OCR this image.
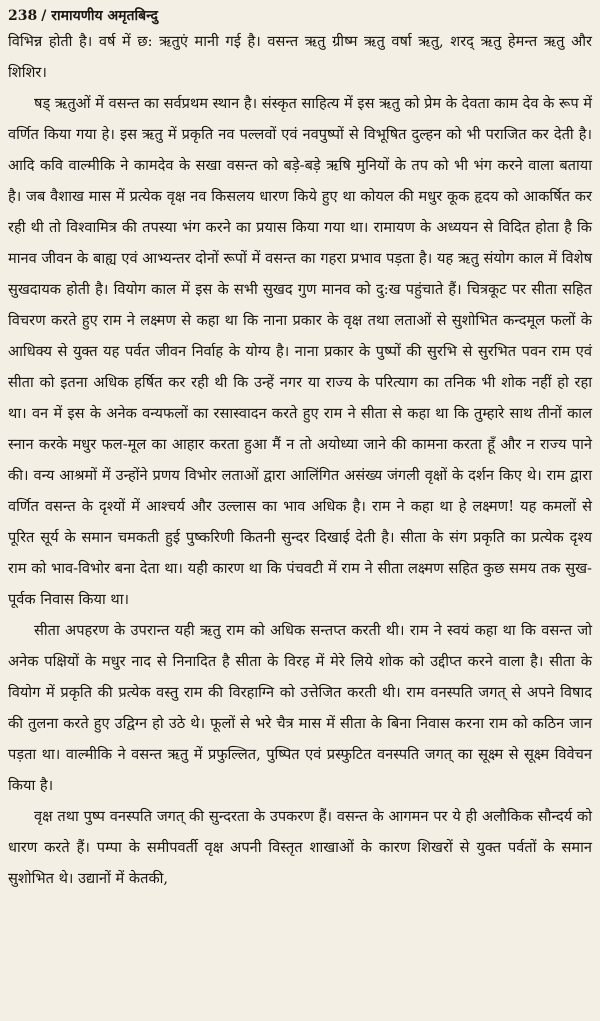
238 / रामायणीय अमृतबिन्दु

विभिन्न होती है। वर्ष में छ: ऋतुएं मानी गई है। वसन्त ऋतु ग्रीष्म ऋतु वर्षा ऋतु, शरद् ऋतु हेमन्त ऋतु और शिशिर।

षड् ऋतुओं में वसन्त का सर्वप्रथम स्थान है। संस्कृत साहित्य में इस ऋतु को प्रेम के देवता काम देव के रूप में वर्णित किया गया हे। इस ऋतु में प्रकृति नव पल्लवों एवं नवपुष्पों से विभूषित दुल्हन को भी पराजित कर देती है। आदि कवि वाल्मीकि ने कामदेव के सखा वसन्त को बड़े-बड़े ऋषि मुनियों के तप को भी भंग करने वाला बताया है। जब वैशाख मास में प्रत्येक वृक्ष नव किसलय धारण किये हुए था कोयल की मधुर कूक हृदय को आकर्षित कर रही थी तो विश्वामित्र की तपस्या भंग करने का प्रयास किया गया था। रामायण के अध्ययन से विदित होता है कि मानव जीवन के बाह्य एवं आभ्यन्तर दोनों रूपों में वसन्त का गहरा प्रभाव पड़ता है। यह ऋतु संयोग काल में विशेष सुखदायक होती है। वियोग काल में इस के सभी सुखद गुण मानव को दु:ख पहुंचाते हैं। चित्रकूट पर सीता सहित विचरण करते हुए राम ने लक्ष्मण से कहा था कि नाना प्रकार के वृक्ष तथा लताओं से सुशोभित कन्दमूल फलों के आधिक्य से युक्त यह पर्वत जीवन निर्वाह के योग्य है। नाना प्रकार के पुष्पों की सुरभि से सुरभित पवन राम एवं सीता को इतना अधिक हर्षित कर रही थी कि उन्हें नगर या राज्य के परित्याग का तनिक भी शोक नहीं हो रहा था। वन में इस के अनेक वन्यफलों का रसास्वादन करते हुए राम ने सीता से कहा था कि तुम्हारे साथ तीनों काल स्नान करके मधुर फल-मूल का आहार करता हुआ मैं न तो अयोध्या जाने की कामना करता हूँ और न राज्य पाने की। वन्य आश्रमों में उन्होंने प्रणय विभोर लताओं द्वारा आलिंगित असंख्य जंगली वृक्षों के दर्शन किए थे। राम द्वारा वर्णित वसन्त के दृश्यों में आश्चर्य और उल्लास का भाव अधिक है। राम ने कहा था हे लक्ष्मण! यह कमलों से पूरित सूर्य के समान चमकती हुई पुष्करिणी कितनी सुन्दर दिखाई देती है। सीता के संग प्रकृति का प्रत्येक दृश्य राम को भाव-विभोर बना देता था। यही कारण था कि पंचवटी में राम ने सीता लक्ष्मण सहित कुछ समय तक सुख-पूर्वक निवास किया था।

सीता अपहरण के उपरान्त यही ऋतु राम को अधिक सन्तप्त करती थी। राम ने स्वयं कहा था कि वसन्त जो अनेक पक्षियों के मधुर नाद से निनादित है सीता के विरह में मेरे लिये शोक को उद्दीप्त करने वाला है। सीता के वियोग में प्रकृति की प्रत्येक वस्तु राम की विरहाग्नि को उत्तेजित करती थी। राम वनस्पति जगत् से अपने विषाद की तुलना करते हुए उद्विग्न हो उठे थे। फूलों से भरे चैत्र मास में सीता के बिना निवास करना राम को कठिन जान पड़ता था। वाल्मीकि ने वसन्त ऋतु में प्रफुल्लित, पुष्पित एवं प्रस्फुटित वनस्पति जगत् का सूक्ष्म से सूक्ष्म विवेचन किया है।

वृक्ष तथा पुष्प वनस्पति जगत् की सुन्दरता के उपकरण हैं। वसन्त के आगमन पर ये ही अलौकिक सौन्दर्य को धारण करते हैं। पम्पा के समीपवर्ती वृक्ष अपनी विस्तृत शाखाओं के कारण शिखरों से युक्त पर्वतों के समान सुशोभित थे। उद्यानों में केतकी,
